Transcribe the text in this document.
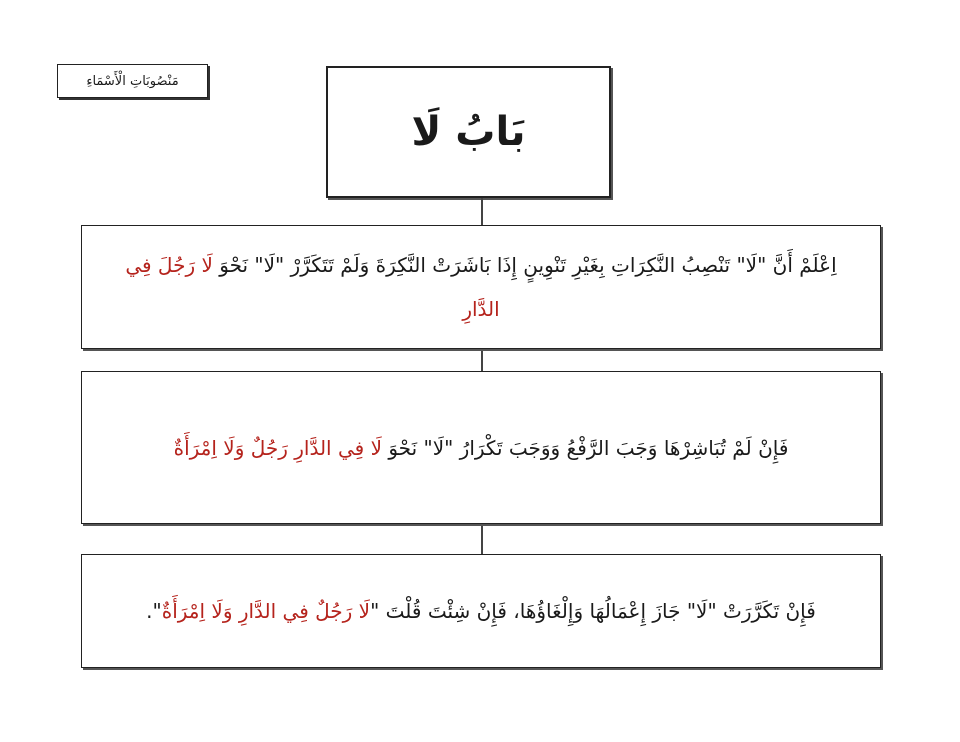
مَنْصُوبَاتِ الْأَسْمَاءِ
بَابُ لَا
اِعْلَمْ أَنَّ "لَا" تَنْصِبُ النَّكِرَاتِ بِغَيْرِ تَنْوِينٍ إِذَا بَاشَرَتْ النَّكِرَةَ وَلَمْ تَتَكَرَّرْ "لَا" نَحْوَ لَا رَجُلَ فِي الدَّارِ
فَإِنْ لَمْ تُبَاشِرْهَا وَجَبَ الرَّفْعُ وَوَجَبَ تَكْرَارُ "لَا" نَحْوَ لَا فِي الدَّارِ رَجُلٌ وَلَا اِمْرَأَةٌ
فَإِنْ تَكَرَّرَتْ "لَا" جَازَ إِعْمَالُهَا وَإِلْغَاؤُهَا، فَإِنْ شِئْتَ قُلْتَ "لَا رَجُلٌ فِي الدَّارِ وَلَا اِمْرَأَةٌ".
